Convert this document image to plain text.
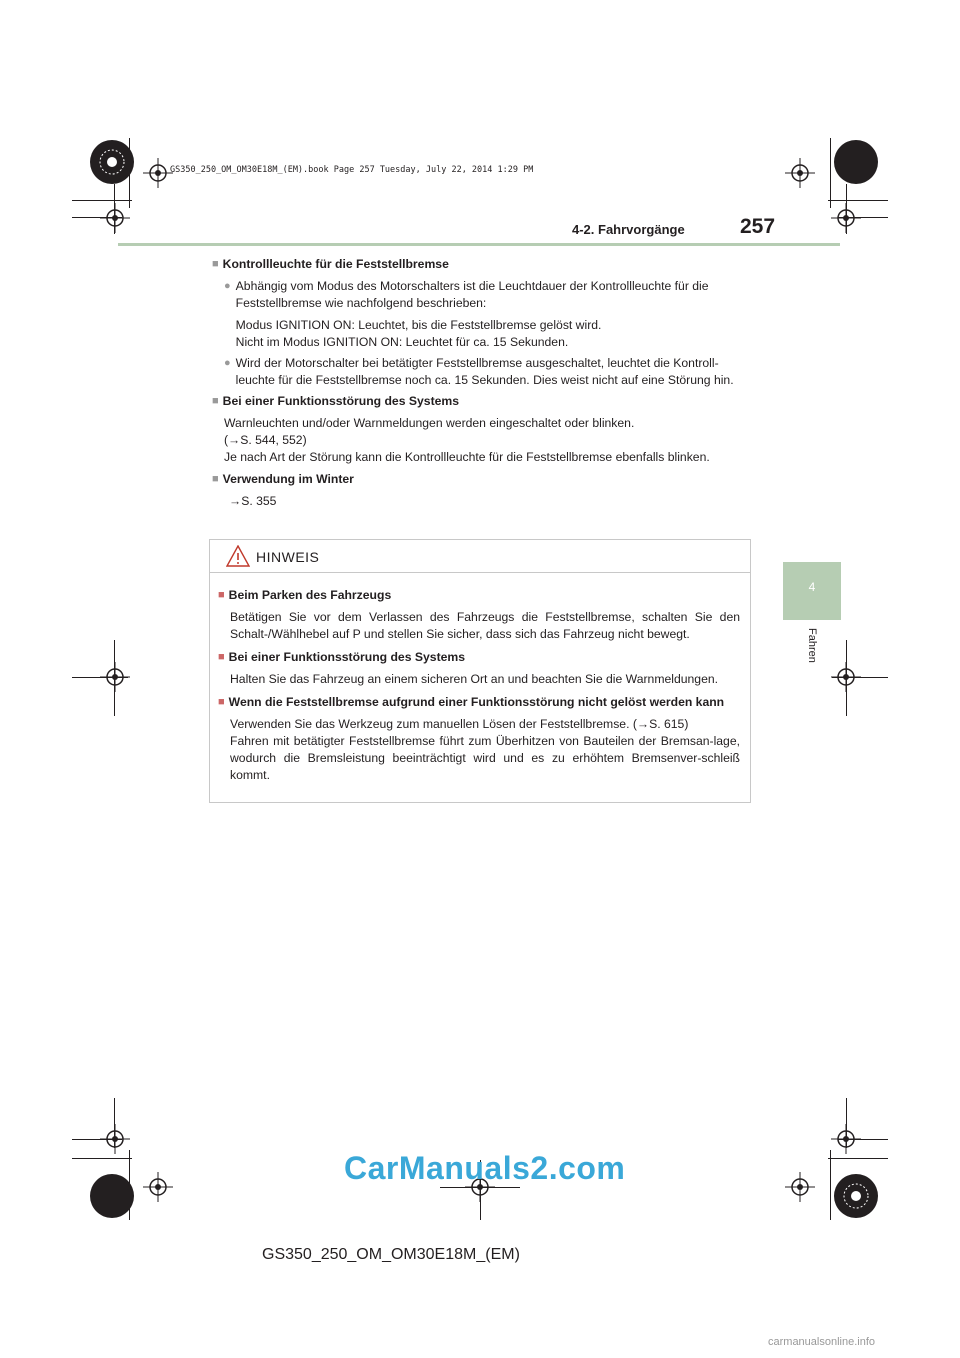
GS350_250_OM_OM30E18M_(EM).book Page 257 Tuesday, July 22, 2014 1:29 PM
4-2. Fahrvorgänge	257
4
Fahren
■ Kontrollleuchte für die Feststellbremse
● Abhängig vom Modus des Motorschalters ist die Leuchtdauer der Kontrollleuchte für die
Feststellbremse wie nachfolgend beschrieben:
Modus IGNITION ON: Leuchtet, bis die Feststellbremse gelöst wird.
Nicht im Modus IGNITION ON: Leuchtet für ca. 15 Sekunden.
● Wird der Motorschalter bei betätigter Feststellbremse ausgeschaltet, leuchtet die Kontroll-
leuchte für die Feststellbremse noch ca. 15 Sekunden. Dies weist nicht auf eine Störung hin.
■ Bei einer Funktionsstörung des Systems
Warnleuchten und/oder Warnmeldungen werden eingeschaltet oder blinken.
(→S. 544, 552)
Je nach Art der Störung kann die Kontrollleuchte für die Feststellbremse ebenfalls blinken.
■ Verwendung im Winter
→S. 355
HINWEIS
■ Beim Parken des Fahrzeugs
Betätigen Sie vor dem Verlassen des Fahrzeugs die Feststellbremse, schalten Sie den Schalt-/Wählhebel auf P und stellen Sie sicher, dass sich das Fahrzeug nicht bewegt.
■ Bei einer Funktionsstörung des Systems
Halten Sie das Fahrzeug an einem sicheren Ort an und beachten Sie die Warnmeldungen.
■ Wenn die Feststellbremse aufgrund einer Funktionsstörung nicht gelöst werden kann
Verwenden Sie das Werkzeug zum manuellen Lösen der Feststellbremse. (→S. 615)
Fahren mit betätigter Feststellbremse führt zum Überhitzen von Bauteilen der Bremsan-lage, wodurch die Bremsleistung beeinträchtigt wird und es zu erhöhtem Bremsenver-schleiß kommt.
CarManuals2.com
GS350_250_OM_OM30E18M_(EM)
carmanualsonline.info
